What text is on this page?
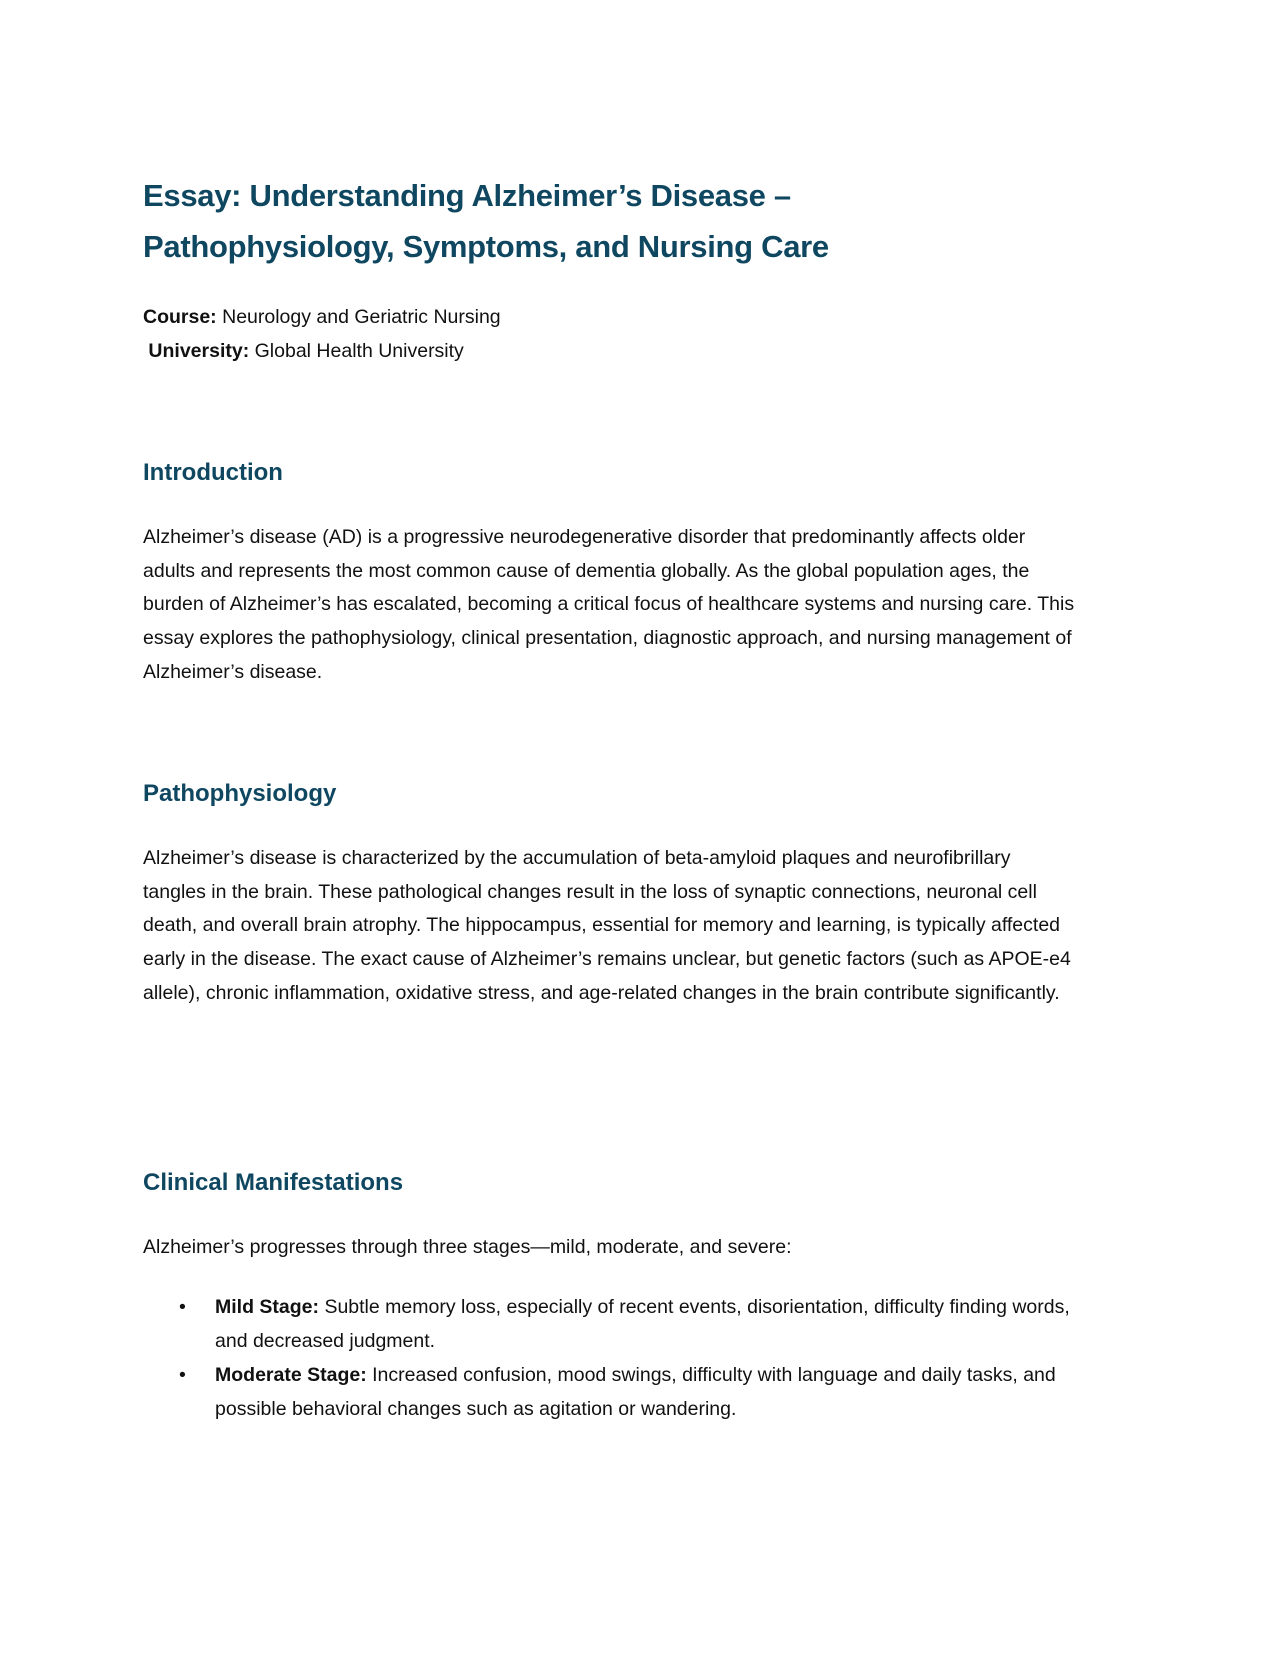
Essay: Understanding Alzheimer’s Disease –
Pathophysiology, Symptoms, and Nursing Care
Course: Neurology and Geriatric Nursing
University: Global Health University
Introduction
Alzheimer’s disease (AD) is a progressive neurodegenerative disorder that predominantly affects older adults and represents the most common cause of dementia globally. As the global population ages, the burden of Alzheimer’s has escalated, becoming a critical focus of healthcare systems and nursing care. This essay explores the pathophysiology, clinical presentation, diagnostic approach, and nursing management of Alzheimer’s disease.
Pathophysiology
Alzheimer’s disease is characterized by the accumulation of beta-amyloid plaques and neurofibrillary tangles in the brain. These pathological changes result in the loss of synaptic connections, neuronal cell death, and overall brain atrophy. The hippocampus, essential for memory and learning, is typically affected early in the disease. The exact cause of Alzheimer’s remains unclear, but genetic factors (such as APOE-e4 allele), chronic inflammation, oxidative stress, and age-related changes in the brain contribute significantly.
Clinical Manifestations
Alzheimer’s progresses through three stages—mild, moderate, and severe:
• Mild Stage: Subtle memory loss, especially of recent events, disorientation, difficulty finding words, and decreased judgment.
• Moderate Stage: Increased confusion, mood swings, difficulty with language and daily tasks, and possible behavioral changes such as agitation or wandering.
